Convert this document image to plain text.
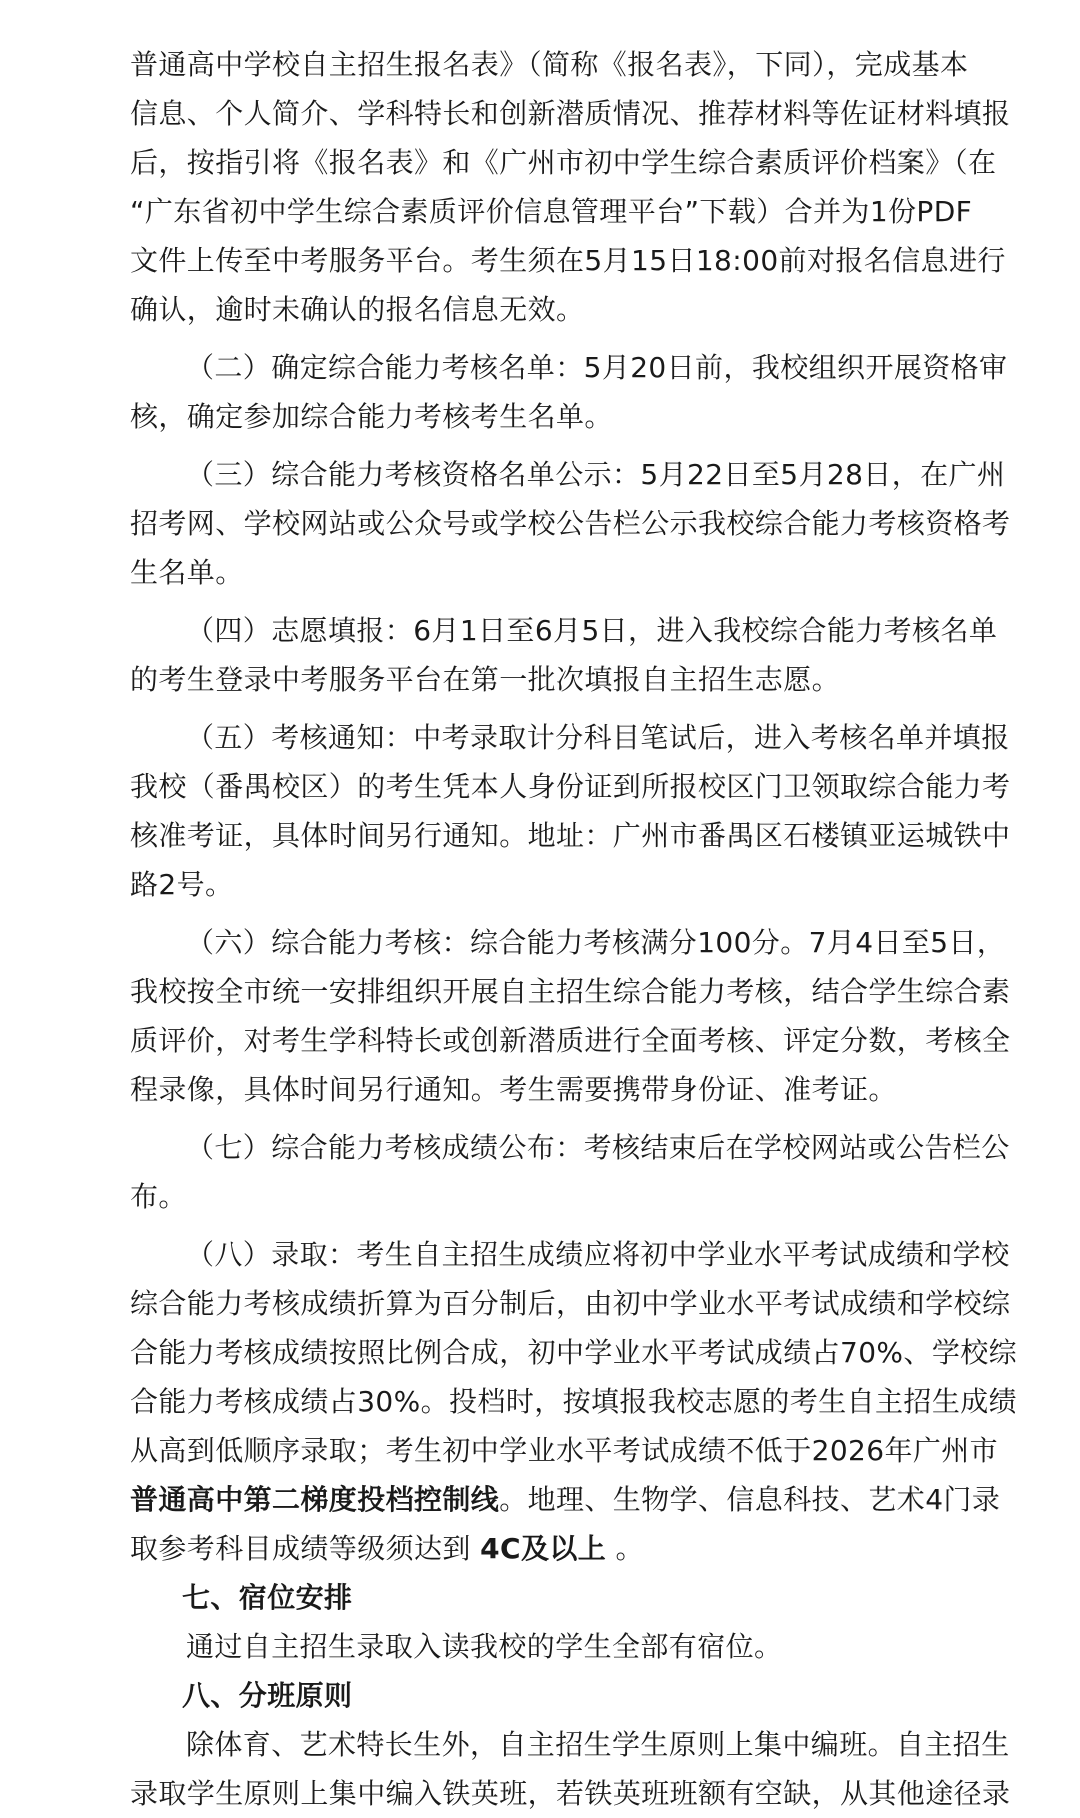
普通高中学校自主招生报名表》（简称《报名表》，下同），完成基本
信息、个人简介、学科特长和创新潜质情况、推荐材料等佐证材料填报
后，按指引将《报名表》和《广州市初中学生综合素质评价档案》（在
“广东省初中学生综合素质评价信息管理平台”下载）合并为1份PDF
文件上传至中考服务平台。考生须在5月15日18:00前对报名信息进行
确认，逾时未确认的报名信息无效。
（二）确定综合能力考核名单：5月20日前，我校组织开展资格审
核，确定参加综合能力考核考生名单。
（三）综合能力考核资格名单公示：5月22日至5月28日，在广州
招考网、学校网站或公众号或学校公告栏公示我校综合能力考核资格考
生名单。
（四）志愿填报：6月1日至6月5日，进入我校综合能力考核名单
的考生登录中考服务平台在第一批次填报自主招生志愿。
（五）考核通知：中考录取计分科目笔试后，进入考核名单并填报
我校（番禺校区）的考生凭本人身份证到所报校区门卫领取综合能力考
核准考证，具体时间另行通知。地址：广州市番禺区石楼镇亚运城铁中
路2号。
（六）综合能力考核：综合能力考核满分100分。7月4日至5日，
我校按全市统一安排组织开展自主招生综合能力考核，结合学生综合素
质评价，对考生学科特长或创新潜质进行全面考核、评定分数，考核全
程录像，具体时间另行通知。考生需要携带身份证、准考证。
（七）综合能力考核成绩公布：考核结束后在学校网站或公告栏公
布。
（八）录取：考生自主招生成绩应将初中学业水平考试成绩和学校
综合能力考核成绩折算为百分制后，由初中学业水平考试成绩和学校综
合能力考核成绩按照比例合成，初中学业水平考试成绩占70%、学校综
合能力考核成绩占30%。投档时，按填报我校志愿的考生自主招生成绩
从高到低顺序录取；考生初中学业水平考试成绩不低于2026年广州市
普通高中第二梯度投档控制线。地理、生物学、信息科技、艺术4门录
取参考科目成绩等级须达到 4C及以上 。
七、宿位安排
通过自主招生录取入读我校的学生全部有宿位。
八、分班原则
除体育、艺术特长生外，自主招生学生原则上集中编班。自主招生
录取学生原则上集中编入铁英班，若铁英班班额有空缺，从其他途径录
